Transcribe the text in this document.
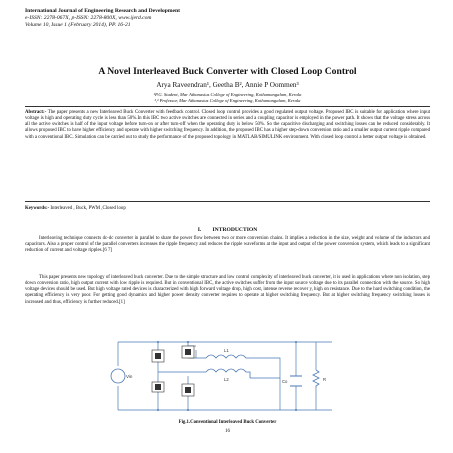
International Journal of Engineering Research and Development
e-ISSN: 2278-067X, p-ISSN: 2278-800X, www.ijerd.com
Volume 10, Issue 1 (February 2014), PP. 16-21
A Novel Interleaved Buck Converter with Closed Loop Control
Arya Raveendran¹, Geetha B², Annie P Oommen³
¹P.G. Student, Mar Athanasius College of Engineering, Kothamangalam, Kerala
²,³ Professor, Mar Athanasius College of Engineering, Kothamangalam, Kerala
Abstract:- The paper presents a new Interleaved Buck Converter with feedback control. Closed loop control provides a good regulated output voltage. Proposed IBC is suitable for application where input voltage is high and operating duty cycle is less than 50%.In this IBC two active switches are connected in series and a coupling capacitor is employed in the power path. It shows that the voltage stress across all the active switches is half of the input voltage before turn-on or after turn-off when the operating duty is below 50%. So the capacitive discharging and switching losses can be reduced considerably. It allows proposed IBC to have higher efficiency and operate with higher switching frequency. In addition, the proposed IBC has a higher step-down conversion ratio and a smaller output current ripple compared with a conventional IBC. Simulation can be carried out to study the performance of the proposed topology in MATLAB/SIMULINK environment. With closed loop control a better output voltage is obtained.
Keywords:- Interleaved , Buck, PWM ,Closed loop
I. INTRODUCTION
Interleaving technique connects dc-dc converter in parallel to share the power flow between two or more conversion chains. It implies a reduction in the size, weight and volume of the inductors and capacitors. Also a proper control of the parallel converters increases the ripple frequency and reduces the ripple waveforms at the input and output of the power conversion system, which leads to a significant reduction of current and voltage ripples.[6 7]
This paper presents new topology of interleaved buck converter. Due to the simple structure and low control complexity of interleaved buck converter, it is used in applications where non isolation, step down conversion ratio, high output current with low ripple is required. But in conventional IBC, the active switches suffer from the input source voltage due to its parallel connection with the source. So high voltage devices should be used. But high voltage rated devices is characterized with high forward voltage drop, high cost, intense reverse recover y, high on resistance. Due to the hard switching condition, the operating efficiency is very poor. For getting good dynamics and higher power density converter requires to operate at higher switching frequency. But at higher switching frequency switching losses is increased and thus, efficiency is further reduced.[1]
Vin
L1
L2	Co	R
Fig.1.Conventional Interleaved Buck Converter
16
